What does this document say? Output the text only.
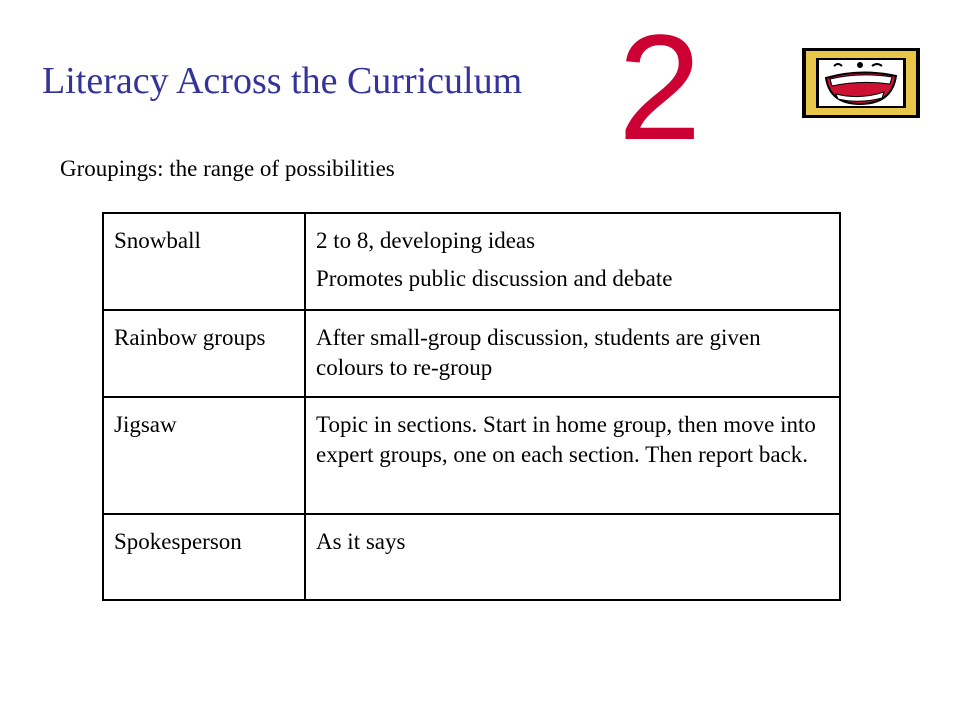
Literacy Across the Curriculum 2

Groupings: the range of possibilities

Snowball	2 to 8, developing ideas
Promotes public discussion and debate

Rainbow groups	After small-group discussion, students are given colours to re-group

Jigsaw	Topic in sections. Start in home group, then move into expert groups, one on each section. Then report back.

Spokesperson	As it says
